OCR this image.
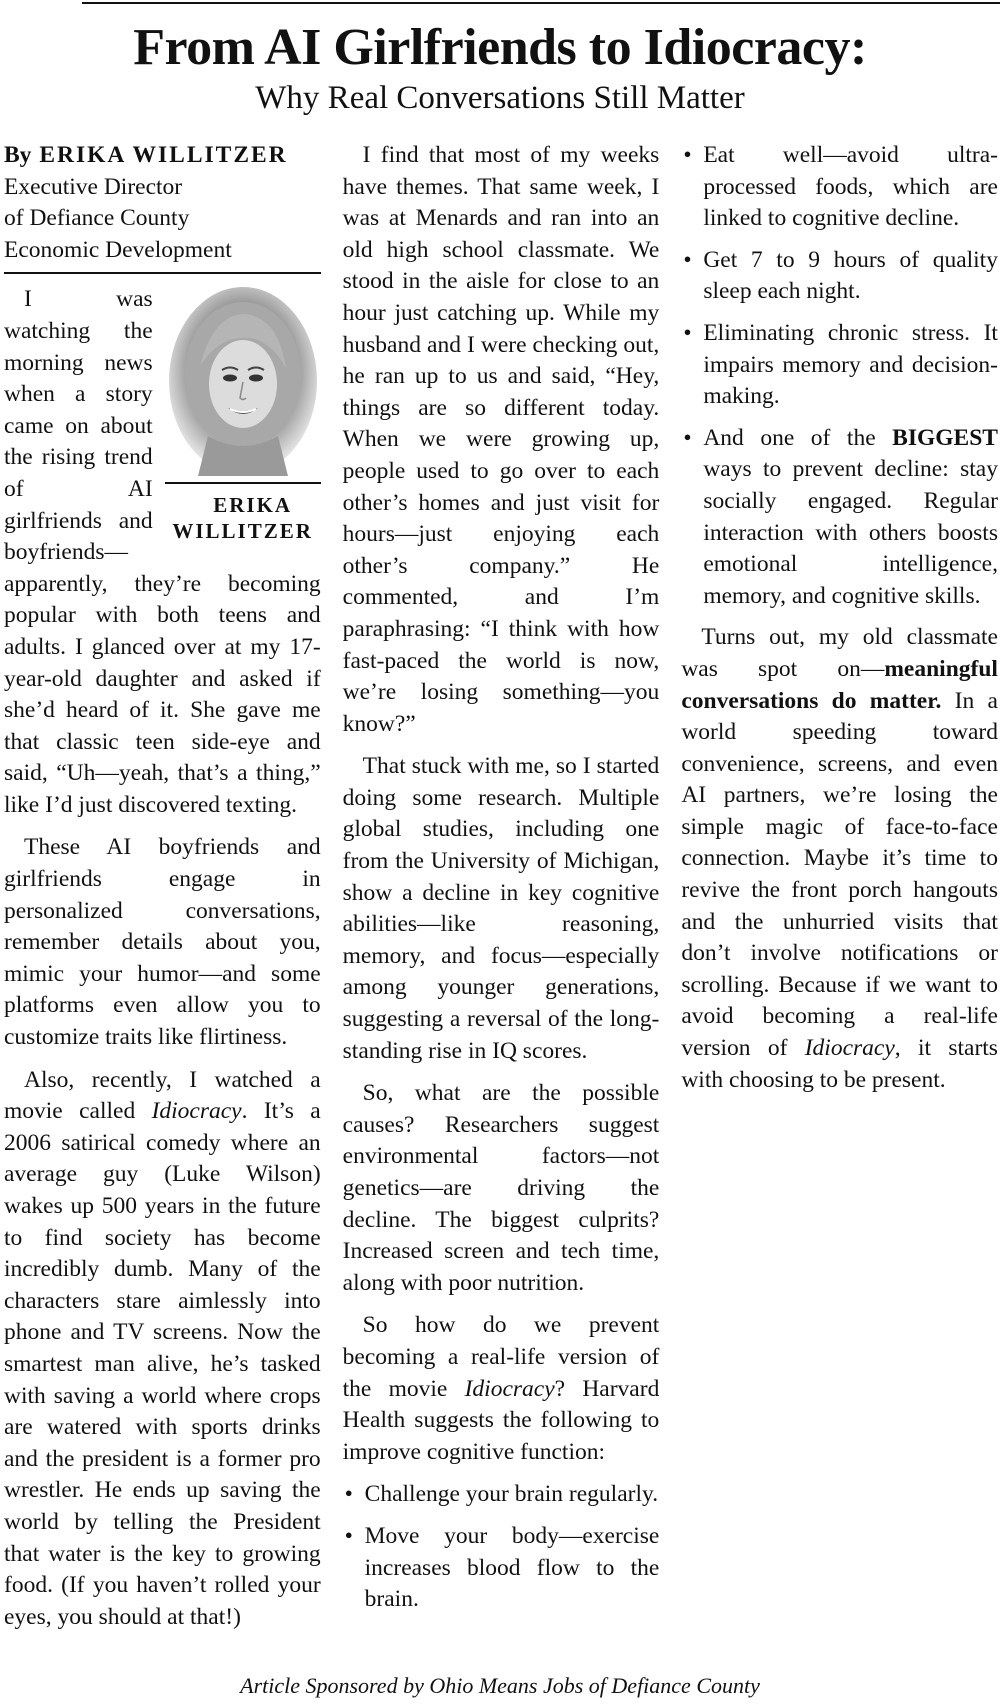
From AI Girlfriends to Idiocracy:
Why Real Conversations Still Matter
By ERIKA WILLITZER
Executive Director
of Defiance County
Economic Development

ERIKA WILLITZER
I was watching the morning news when a story came on about the rising trend of AI girlfriends and boyfriends—apparently, they’re becoming popular with both teens and adults. I glanced over at my 17-year-old daughter and asked if she’d heard of it. She gave me that classic teen side-eye and said, “Uh—yeah, that’s a thing,” like I’d just discovered texting.

These AI boyfriends and girlfriends engage in personalized conversations, remember details about you, mimic your humor—and some platforms even allow you to customize traits like flirtiness.

Also, recently, I watched a movie called Idiocracy. It’s a 2006 satirical comedy where an average guy (Luke Wilson) wakes up 500 years in the future to find society has become incredibly dumb. Many of the characters stare aimlessly into phone and TV screens. Now the smartest man alive, he’s tasked with saving a world where crops are watered with sports drinks and the president is a former pro wrestler. He ends up saving the world by telling the President that water is the key to growing food. (If you haven’t rolled your eyes, you should at that!)

I find that most of my weeks have themes. That same week, I was at Menards and ran into an old high school classmate. We stood in the aisle for close to an hour just catching up. While my husband and I were checking out, he ran up to us and said, “Hey, things are so different today. When we were growing up, people used to go over to each other’s homes and just visit for hours—just enjoying each other’s company.” He commented, and I’m paraphrasing: “I think with how fast-paced the world is now, we’re losing something—you know?”

That stuck with me, so I started doing some research. Multiple global studies, including one from the University of Michigan, show a decline in key cognitive abilities—like reasoning, memory, and focus—especially among younger generations, suggesting a reversal of the long-standing rise in IQ scores.

So, what are the possible causes? Researchers suggest environmental factors—not genetics—are driving the decline. The biggest culprits? Increased screen and tech time, along with poor nutrition.

So how do we prevent becoming a real-life version of the movie Idiocracy? Harvard Health suggests the following to improve cognitive function:

• Challenge your brain regularly.
• Move your body—exercise increases blood flow to the brain.
• Eat well—avoid ultra-processed foods, which are linked to cognitive decline.
• Get 7 to 9 hours of quality sleep each night.
• Eliminating chronic stress. It impairs memory and decision-making.
• And one of the BIGGEST ways to prevent decline: stay socially engaged. Regular interaction with others boosts emotional intelligence, memory, and cognitive skills.

Turns out, my old classmate was spot on—meaningful conversations do matter. In a world speeding toward convenience, screens, and even AI partners, we’re losing the simple magic of face-to-face connection. Maybe it’s time to revive the front porch hangouts and the unhurried visits that don’t involve notifications or scrolling. Because if we want to avoid becoming a real-life version of Idiocracy, it starts with choosing to be present.

Article Sponsored by Ohio Means Jobs of Defiance County
